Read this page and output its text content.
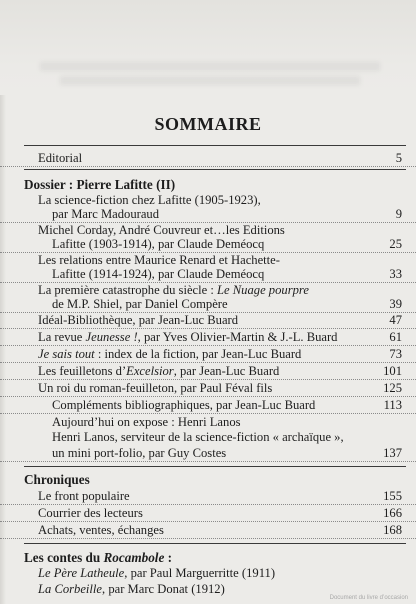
SOMMAIRE
Editorial	5
Dossier : Pierre Lafitte (II)
La science-fiction chez Lafitte (1905-1923),
par Marc Madouraud	9
Michel Corday, André Couvreur et…les Editions
Lafitte (1903-1914), par Claude Deméocq	25
Les relations entre Maurice Renard et Hachette-
Lafitte (1914-1924), par Claude Deméocq	33
La première catastrophe du siècle : Le Nuage pourpre
de M.P. Shiel, par Daniel Compère	39
Idéal-Bibliothèque, par Jean-Luc Buard	47
La revue Jeunesse !, par Yves Olivier-Martin & J.-L. Buard	61
Je sais tout : index de la fiction, par Jean-Luc Buard	73
Les feuilletons d’Excelsior, par Jean-Luc Buard	101
Un roi du roman-feuilleton, par Paul Féval fils	125
Compléments bibliographiques, par Jean-Luc Buard	113
Aujourd’hui on expose : Henri Lanos
Henri Lanos, serviteur de la science-fiction « archaïque »,
un mini port-folio, par Guy Costes	137
Chroniques
Le front populaire	155
Courrier des lecteurs	166
Achats, ventes, échanges	168
Les contes du Rocambole :
Le Père Latheule, par Paul Marguerritte (1911)
La Corbeille, par Marc Donat (1912)
Document du livre d’occasion
